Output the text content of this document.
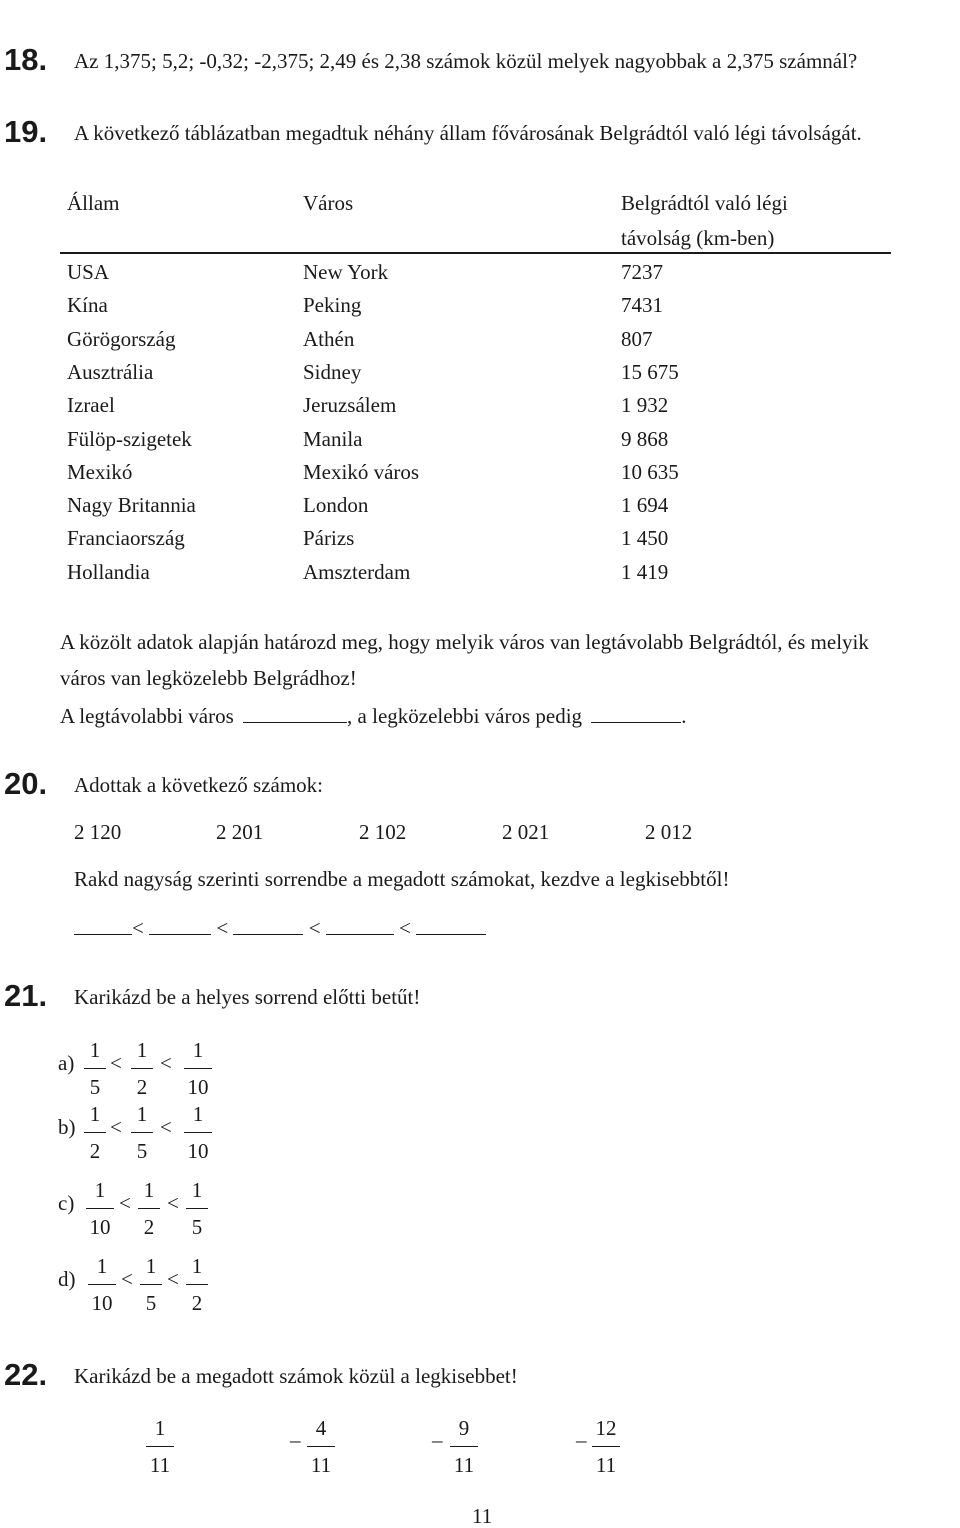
18. Az 1,375; 5,2; -0,32; -2,375; 2,49 és 2,38 számok közül melyek nagyobbak a 2,375 számnál?
19. A következő táblázatban megadtuk néhány állam fővárosának Belgrádtól való légi távolságát.
Állam	Város	Belgrádtól való légi
távolság (km-ben)
USA	New York	7237
Kína	Peking	7431
Görögország	Athén	807
Ausztrália	Sidney	15 675
Izrael	Jeruzsálem	1 932
Fülöp-szigetek	Manila	9 868
Mexikó	Mexikó város	10 635
Nagy Britannia	London	1 694
Franciaország	Párizs	1 450
Hollandia	Amszterdam	1 419
A közölt adatok alapján határozd meg, hogy melyik város van legtávolabb Belgrádtól, és melyik
város van legközelebb Belgrádhoz!
A legtávolabbi város	, a legközelebbi város pedig	.
20. Adottak a következő számok:
2 120	2 201	2 102	2 021	2 012
Rakd nagyság szerinti sorrendbe a megadott számokat, kezdve a legkisebbtől!
<	<	<	<
21. Karikázd be a helyes sorrend előtti betűt!
a)
1
5
<
1
2
<
1
10
b)
1
2
<
1
5
<
1
10
c)
1
10
<
1
2
<
1
5
d)
1
10
<
1
5
<
1
2
22. Karikázd be a megadott számok közül a legkisebbet!
1
11
– 4
11
– 9
11
– 12
11
11
